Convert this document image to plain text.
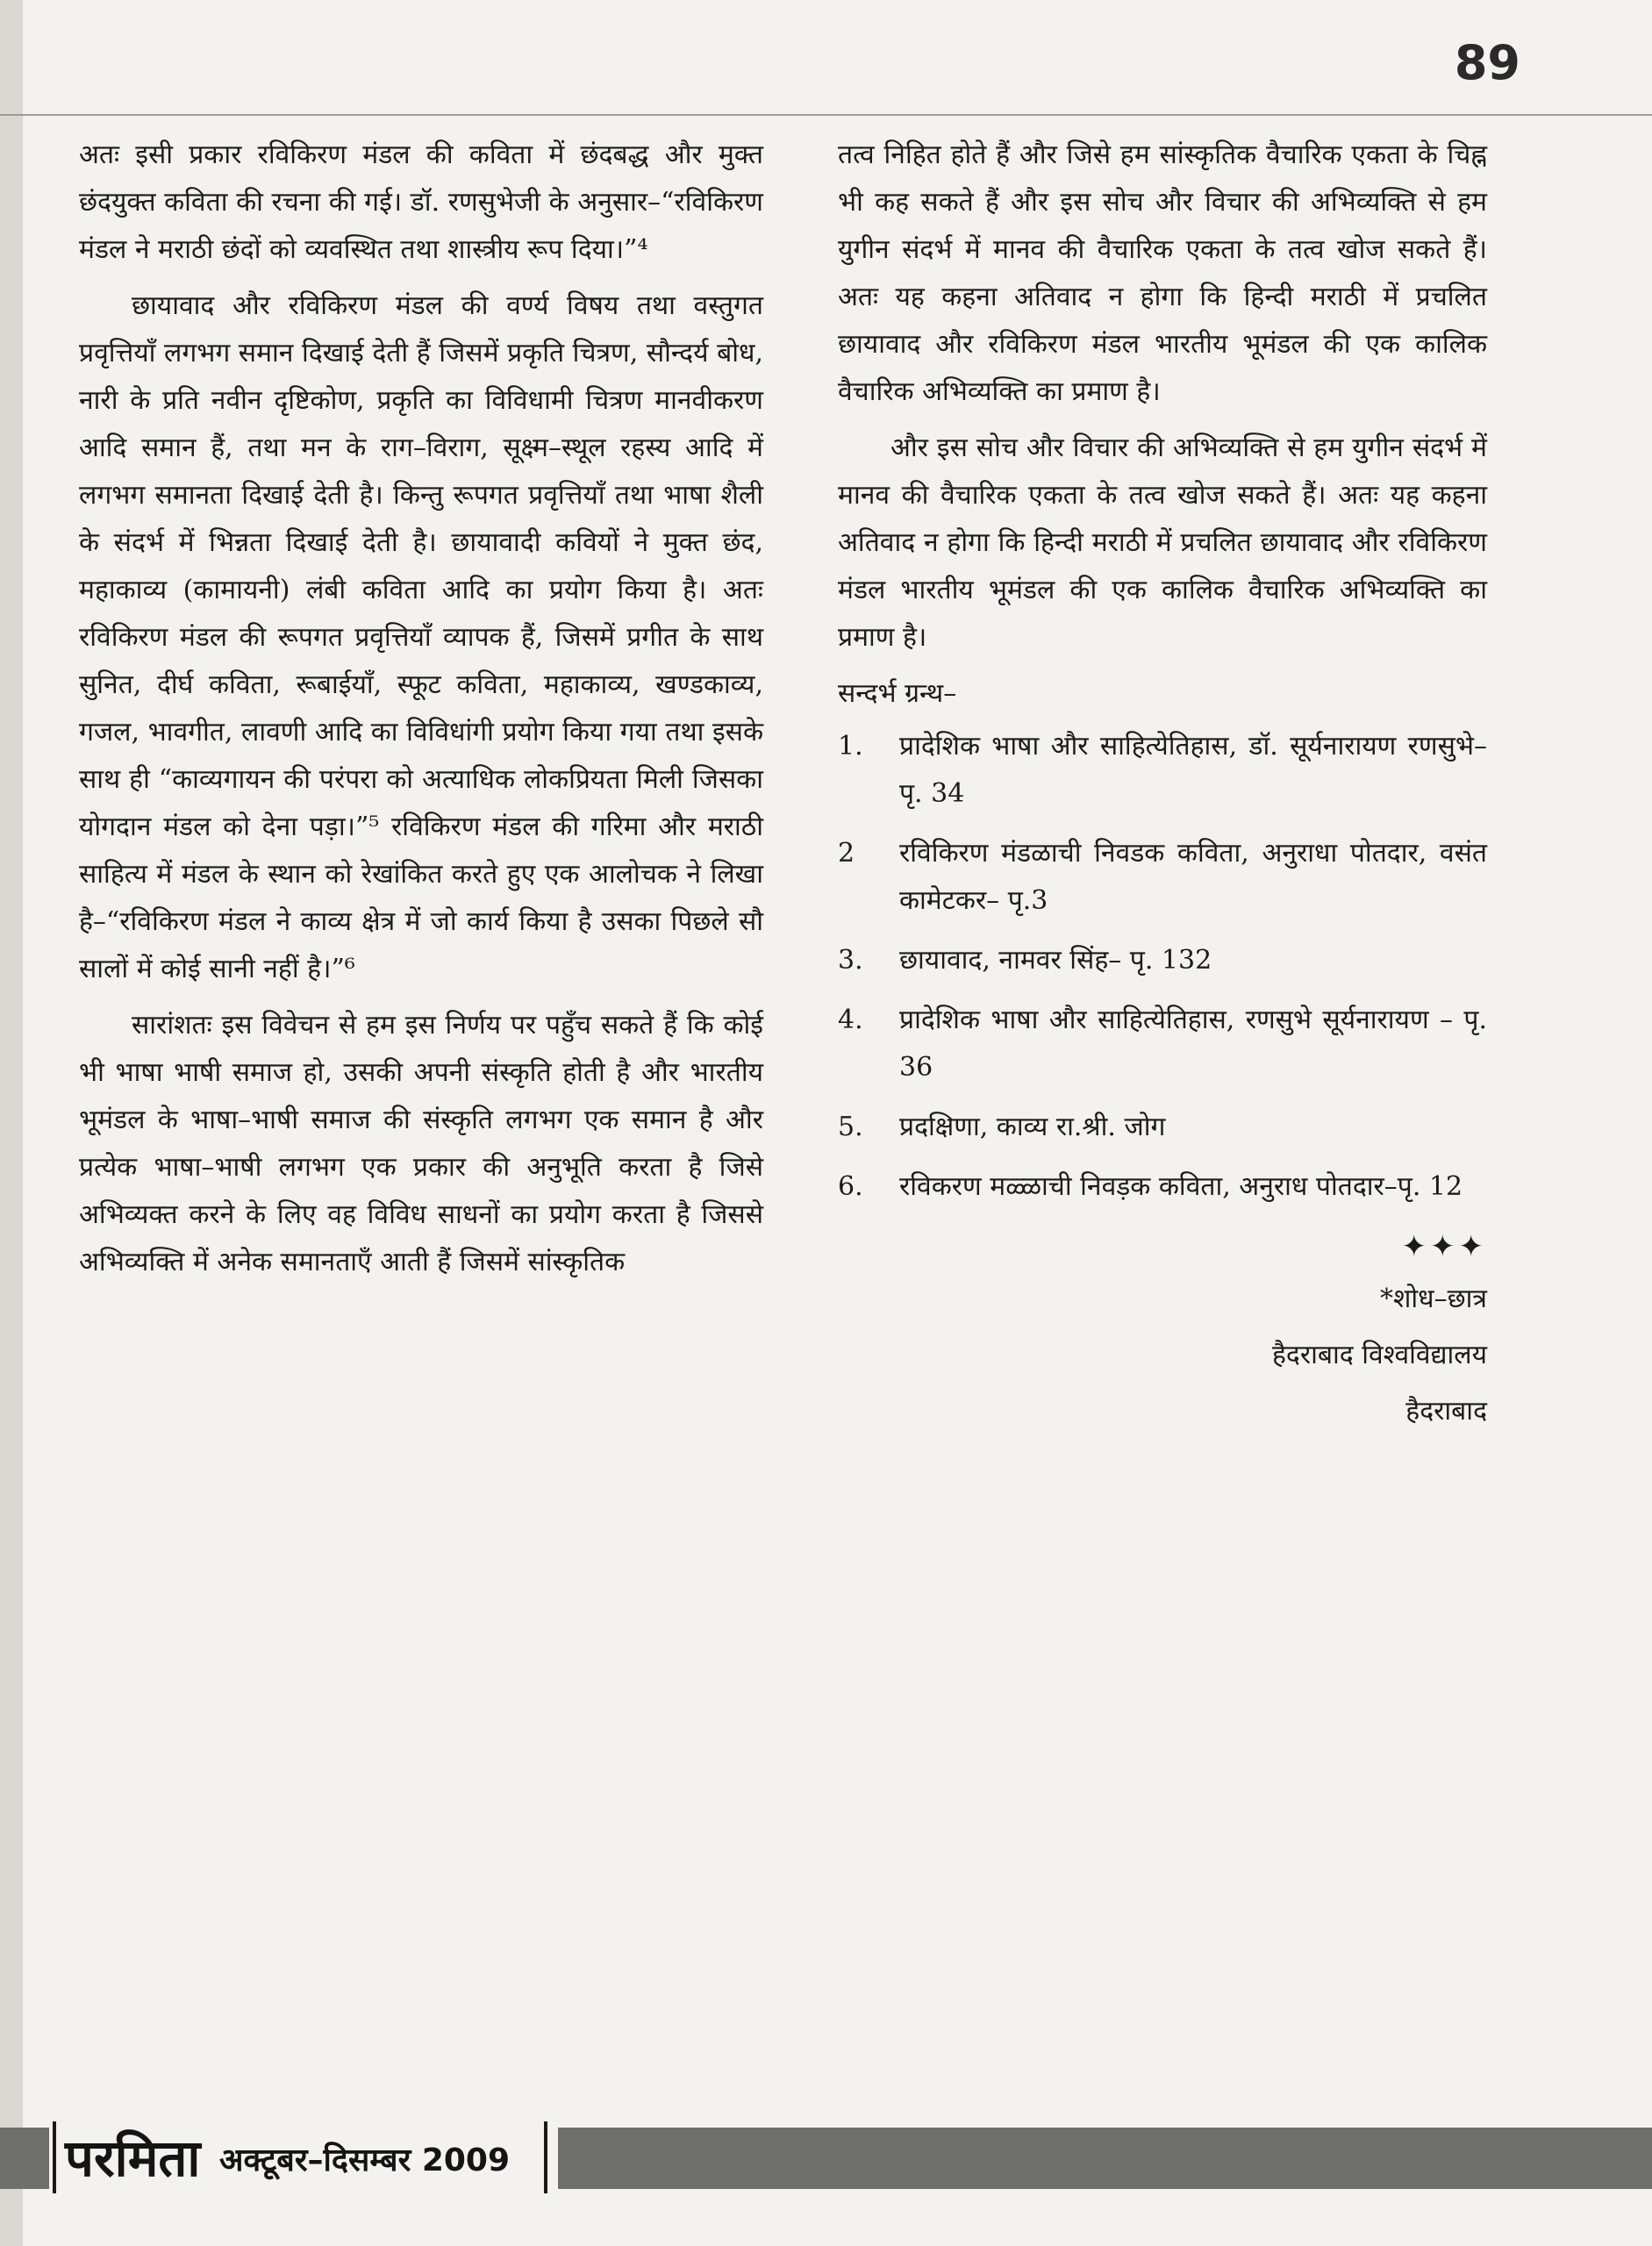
89

अतः इसी प्रकार रविकिरण मंडल की कविता में छंदबद्ध और मुक्त छंदयुक्त कविता की रचना की गई। डॉ. रणसुभेजी के अनुसार–“रविकिरण मंडल ने मराठी छंदों को व्यवस्थित तथा शास्त्रीय रूप दिया।”⁴

छायावाद और रविकिरण मंडल की वर्ण्य विषय तथा वस्तुगत प्रवृत्तियाँ लगभग समान दिखाई देती हैं जिसमें प्रकृति चित्रण, सौन्दर्य बोध, नारी के प्रति नवीन दृष्टिकोण, प्रकृति का विविधामी चित्रण मानवीकरण आदि समान हैं, तथा मन के राग–विराग, सूक्ष्म–स्थूल रहस्य आदि में लगभग समानता दिखाई देती है। किन्तु रूपगत प्रवृत्तियाँ तथा भाषा शैली के संदर्भ में भिन्नता दिखाई देती है। छायावादी कवियों ने मुक्त छंद, महाकाव्य (कामायनी) लंबी कविता आदि का प्रयोग किया है। अतः रविकिरण मंडल की रूपगत प्रवृत्तियाँ व्यापक हैं, जिसमें प्रगीत के साथ सुनित, दीर्घ कविता, रूबाईयाँ, स्फूट कविता, महाकाव्य, खण्डकाव्य, गजल, भावगीत, लावणी आदि का विविधांगी प्रयोग किया गया तथा इसके साथ ही “काव्यगायन की परंपरा को अत्याधिक लोकप्रियता मिली जिसका योगदान मंडल को देना पड़ा।”⁵ रविकिरण मंडल की गरिमा और मराठी साहित्य में मंडल के स्थान को रेखांकित करते हुए एक आलोचक ने लिखा है–“रविकिरण मंडल ने काव्य क्षेत्र में जो कार्य किया है उसका पिछले सौ सालों में कोई सानी नहीं है।”⁶

सारांशतः इस विवेचन से हम इस निर्णय पर पहुँच सकते हैं कि कोई भी भाषा भाषी समाज हो, उसकी अपनी संस्कृति होती है और भारतीय भूमंडल के भाषा–भाषी समाज की संस्कृति लगभग एक समान है और प्रत्येक भाषा–भाषी लगभग एक प्रकार की अनुभूति करता है जिसे अभिव्यक्त करने के लिए वह विविध साधनों का प्रयोग करता है जिससे अभिव्यक्ति में अनेक समानताएँ आती हैं जिसमें सांस्कृतिक

तत्व निहित होते हैं और जिसे हम सांस्कृतिक वैचारिक एकता के चिह्न भी कह सकते हैं और इस सोच और विचार की अभिव्यक्ति से हम युगीन संदर्भ में मानव की वैचारिक एकता के तत्व खोज सकते हैं। अतः यह कहना अतिवाद न होगा कि हिन्दी मराठी में प्रचलित छायावाद और रविकिरण मंडल भारतीय भूमंडल की एक कालिक वैचारिक अभिव्यक्ति का प्रमाण है।

और इस सोच और विचार की अभिव्यक्ति से हम युगीन संदर्भ में मानव की वैचारिक एकता के तत्व खोज सकते हैं। अतः यह कहना अतिवाद न होगा कि हिन्दी मराठी में प्रचलित छायावाद और रविकिरण मंडल भारतीय भूमंडल की एक कालिक वैचारिक अभिव्यक्ति का प्रमाण है।

सन्दर्भ ग्रन्थ–
1.	प्रादेशिक भाषा और साहित्येतिहास, डॉ. सूर्यनारायण रणसुभे– पृ. 34
2	रविकिरण मंडळाची निवडक कविता, अनुराधा पोतदार, वसंत कामेटकर– पृ.3
3.	छायावाद, नामवर सिंह– पृ. 132
4.	प्रादेशिक भाषा और साहित्येतिहास, रणसुभे सूर्यनारायण – पृ. 36
5.	प्रदक्षिणा, काव्य रा.श्री. जोग
6.	रविकरण मळ्ळाची निवड़क कविता, अनुराध पोतदार–पृ. 12
✦✦✦

*शोध–छात्र

हैदराबाद विश्वविद्यालय

हैदराबाद

परमिता अक्टूबर–दिसम्बर 2009
